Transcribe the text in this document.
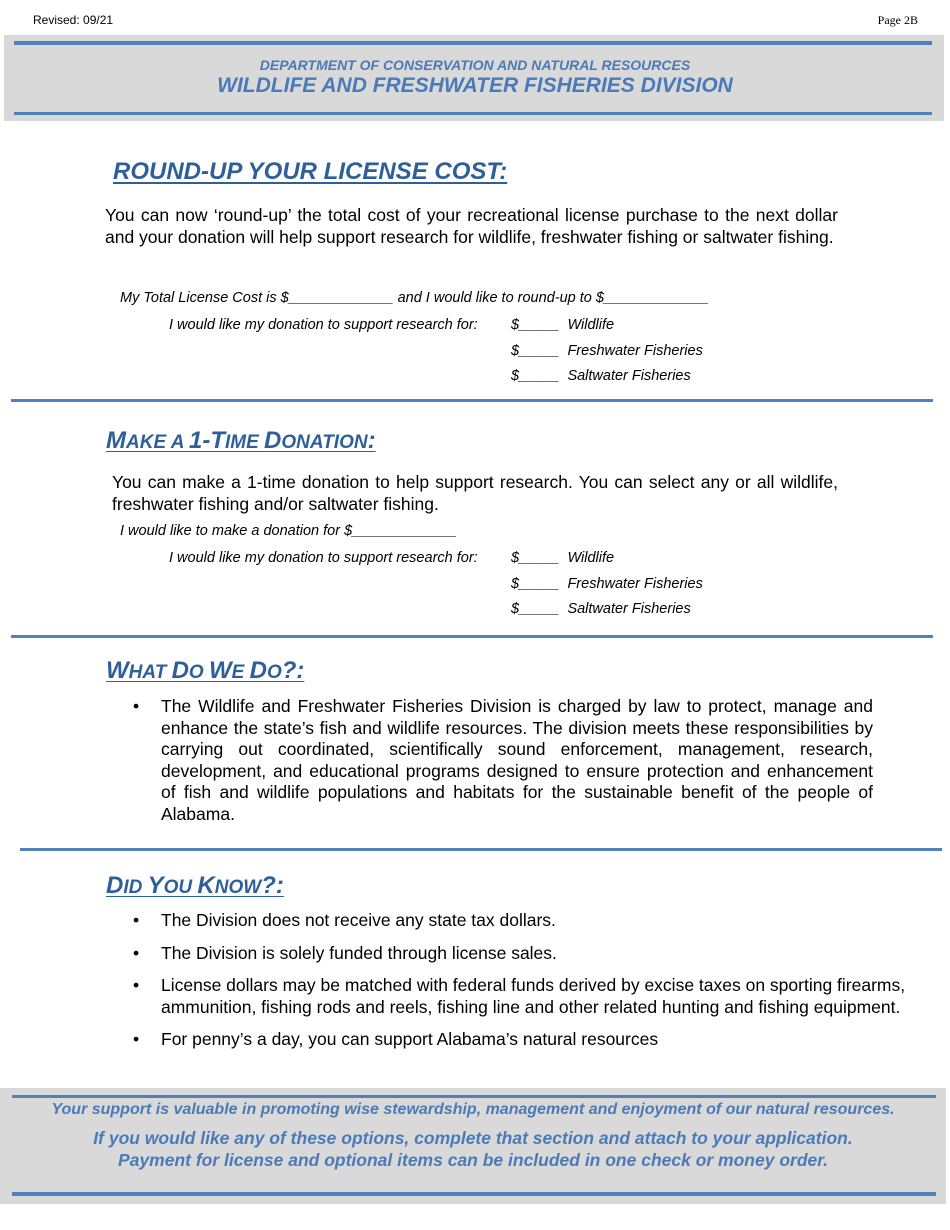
Revised: 09/21	Page 2B
DEPARTMENT OF CONSERVATION AND NATURAL RESOURCES
WILDLIFE AND FRESHWATER FISHERIES DIVISION
ROUND-UP YOUR LICENSE COST:
You can now ‘round-up’ the total cost of your recreational license purchase to the next dollar and your donation will help support research for wildlife, freshwater fishing or saltwater fishing.
My Total License Cost is $_____________ and I would like to round-up to $_____________
I would like my donation to support research for: $_____  Wildlife
$_____  Freshwater Fisheries
$_____  Saltwater Fisheries
MAKE A 1-TIME DONATION:
You can make a 1-time donation to help support research. You can select any or all wildlife, freshwater fishing and/or saltwater fishing.
I would like to make a donation for $_____________
I would like my donation to support research for: $_____  Wildlife
$_____  Freshwater Fisheries
$_____  Saltwater Fisheries
WHAT DO WE DO?:
• The Wildlife and Freshwater Fisheries Division is charged by law to protect, manage and enhance the state’s fish and wildlife resources. The division meets these responsibilities by carrying out coordinated, scientifically sound enforcement, management, research, development, and educational programs designed to ensure protection and enhancement of fish and wildlife populations and habitats for the sustainable benefit of the people of Alabama.
DID YOU KNOW?:
• The Division does not receive any state tax dollars.
• The Division is solely funded through license sales.
• License dollars may be matched with federal funds derived by excise taxes on sporting firearms, ammunition, fishing rods and reels, fishing line and other related hunting and fishing equipment.
• For penny’s a day, you can support Alabama’s natural resources
Your support is valuable in promoting wise stewardship, management and enjoyment of our natural resources.
If you would like any of these options, complete that section and attach to your application.
Payment for license and optional items can be included in one check or money order.
